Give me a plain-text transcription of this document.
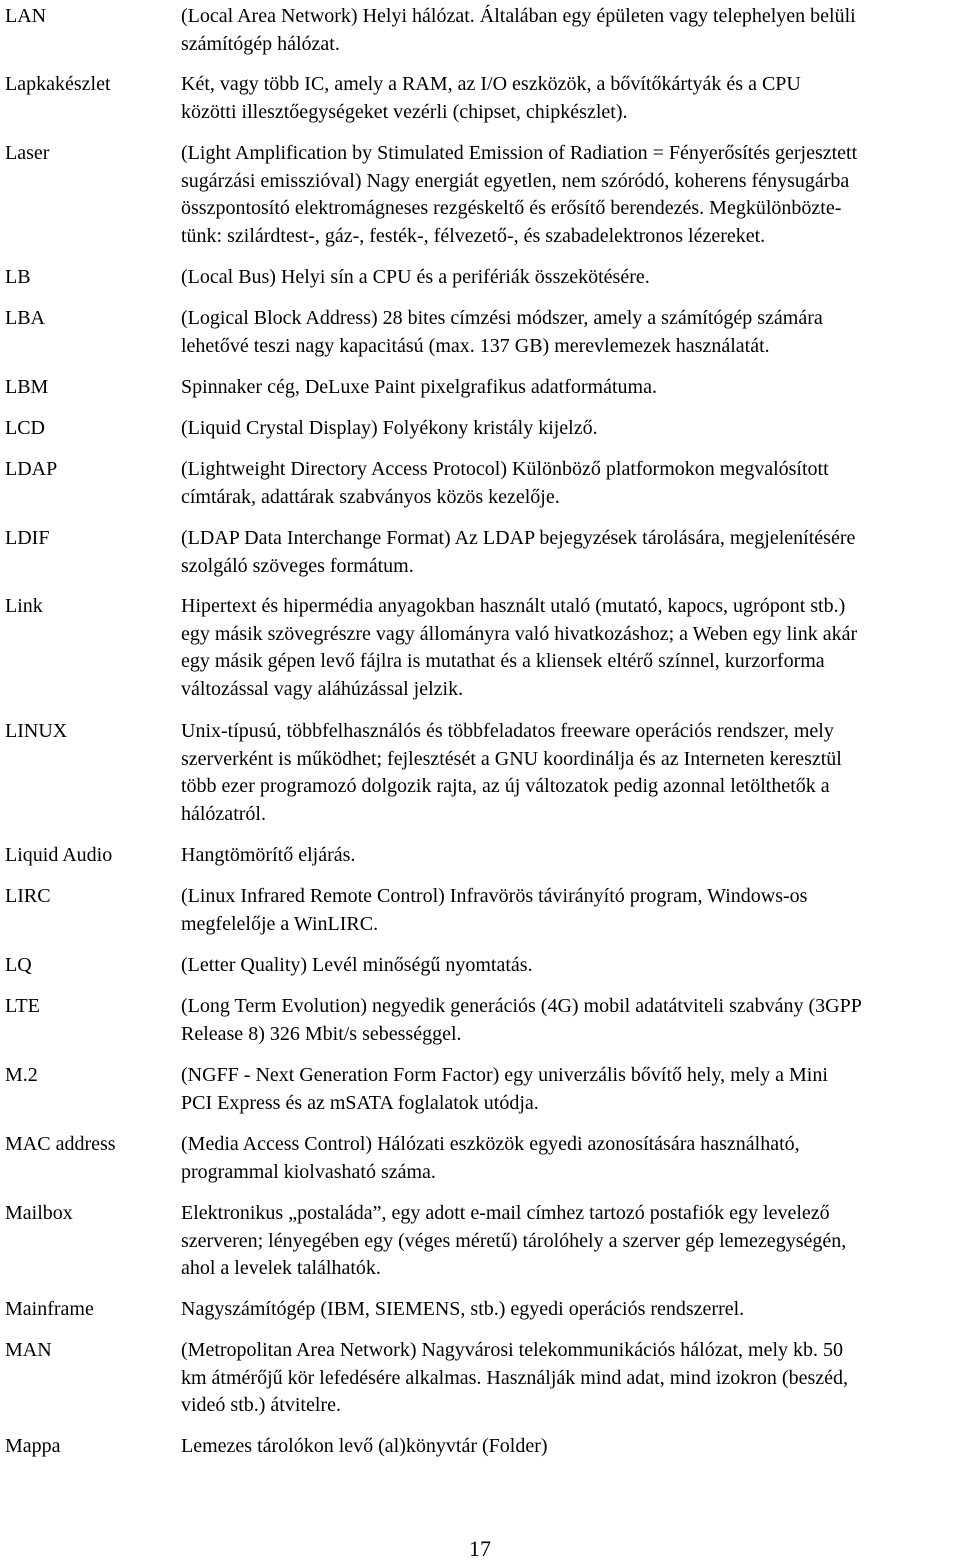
LAN	(Local Area Network) Helyi hálózat. Általában egy épületen vagy telephelyen belüli
számítógép hálózat.
Lapkakészlet	Két, vagy több IC, amely a RAM, az I/O eszközök, a bővítőkártyák és a CPU
közötti illesztőegységeket vezérli (chipset, chipkészlet).
Laser	(Light Amplification by Stimulated Emission of Radiation = Fényerősítés gerjesztett
sugárzási emisszióval) Nagy energiát egyetlen, nem szóródó, koherens fénysugárba
összpontosító elektromágneses rezgéskeltő és erősítő berendezés. Megkülönbözte-
tünk: szilárdtest-, gáz-, festék-, félvezető-, és szabadelektronos lézereket.
LB	(Local Bus) Helyi sín a CPU és a perifériák összekötésére.
LBA	(Logical Block Address) 28 bites címzési módszer, amely a számítógép számára
lehetővé teszi nagy kapacitású (max. 137 GB) merevlemezek használatát.
LBM	Spinnaker cég, DeLuxe Paint pixelgrafikus adatformátuma.
LCD	(Liquid Crystal Display) Folyékony kristály kijelző.
LDAP	(Lightweight Directory Access Protocol) Különböző platformokon megvalósított
címtárak, adattárak szabványos közös kezelője.
LDIF	(LDAP Data Interchange Format) Az LDAP bejegyzések tárolására, megjelenítésére
szolgáló szöveges formátum.
Link	Hipertext és hipermédia anyagokban használt utaló (mutató, kapocs, ugrópont stb.)
egy másik szövegrészre vagy állományra való hivatkozáshoz; a Weben egy link akár
egy másik gépen levő fájlra is mutathat és a kliensek eltérő színnel, kurzorforma
változással vagy aláhúzással jelzik.
LINUX	Unix-típusú, többfelhasználós és többfeladatos freeware operációs rendszer, mely
szerverként is működhet; fejlesztését a GNU koordinálja és az Interneten keresztül
több ezer programozó dolgozik rajta, az új változatok pedig azonnal letölthetők a
hálózatról.
Liquid Audio	Hangtömörítő eljárás.
LIRC	(Linux Infrared Remote Control) Infravörös távirányító program, Windows-os
megfelelője a WinLIRC.
LQ	(Letter Quality) Levél minőségű nyomtatás.
LTE	(Long Term Evolution) negyedik generációs (4G) mobil adatátviteli szabvány (3GPP
Release 8) 326 Mbit/s sebességgel.
M.2	(NGFF - Next Generation Form Factor) egy univerzális bővítő hely, mely a Mini
PCI Express és az mSATA foglalatok utódja.
MAC address	(Media Access Control) Hálózati eszközök egyedi azonosítására használható,
programmal kiolvasható száma.
Mailbox	Elektronikus „postaláda”, egy adott e-mail címhez tartozó postafiók egy levelező
szerveren; lényegében egy (véges méretű) tárolóhely a szerver gép lemezegységén,
ahol a levelek találhatók.
Mainframe	Nagyszámítógép (IBM, SIEMENS, stb.) egyedi operációs rendszerrel.
MAN	(Metropolitan Area Network) Nagyvárosi telekommunikációs hálózat, mely kb. 50
km átmérőjű kör lefedésére alkalmas. Használják mind adat, mind izokron (beszéd,
videó stb.) átvitelre.
Mappa	Lemezes tárolókon levő (al)könyvtár (Folder)
17
